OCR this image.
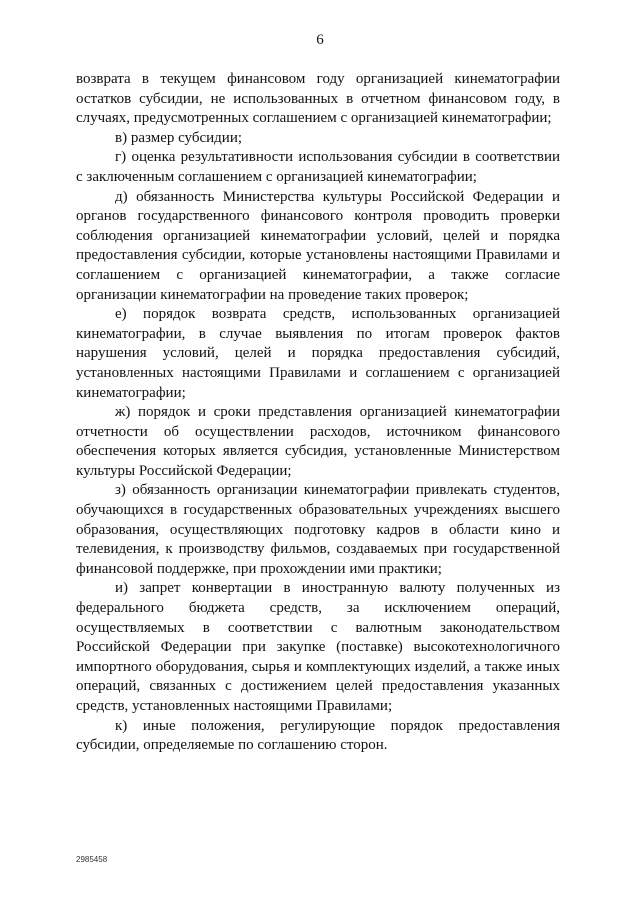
6

возврата в текущем финансовом году организацией кинематографии остатков субсидии, не использованных в отчетном финансовом году, в случаях, предусмотренных соглашением с организацией кинематографии;

в) размер субсидии;

г) оценка результативности использования субсидии в соответствии с заключенным соглашением с организацией кинематографии;

д) обязанность Министерства культуры Российской Федерации и органов государственного финансового контроля проводить проверки соблюдения организацией кинематографии условий, целей и порядка предоставления субсидии, которые установлены настоящими Правилами и соглашением с организацией кинематографии, а также согласие организации кинематографии на проведение таких проверок;

е) порядок возврата средств, использованных организацией кинематографии, в случае выявления по итогам проверок фактов нарушения условий, целей и порядка предоставления субсидий, установленных настоящими Правилами и соглашением с организацией кинематографии;

ж) порядок и сроки представления организацией кинематографии отчетности об осуществлении расходов, источником финансового обеспечения которых является субсидия, установленные Министерством культуры Российской Федерации;

з) обязанность организации кинематографии привлекать студентов, обучающихся в государственных образовательных учреждениях высшего образования, осуществляющих подготовку кадров в области кино и телевидения, к производству фильмов, создаваемых при государственной финансовой поддержке, при прохождении ими практики;

и) запрет конвертации в иностранную валюту полученных из федерального бюджета средств, за исключением операций, осуществляемых в соответствии с валютным законодательством Российской Федерации при закупке (поставке) высокотехнологичного импортного оборудования, сырья и комплектующих изделий, а также иных операций, связанных с достижением целей предоставления указанных средств, установленных настоящими Правилами;

к) иные положения, регулирующие порядок предоставления субсидии, определяемые по соглашению сторон.

2985458
